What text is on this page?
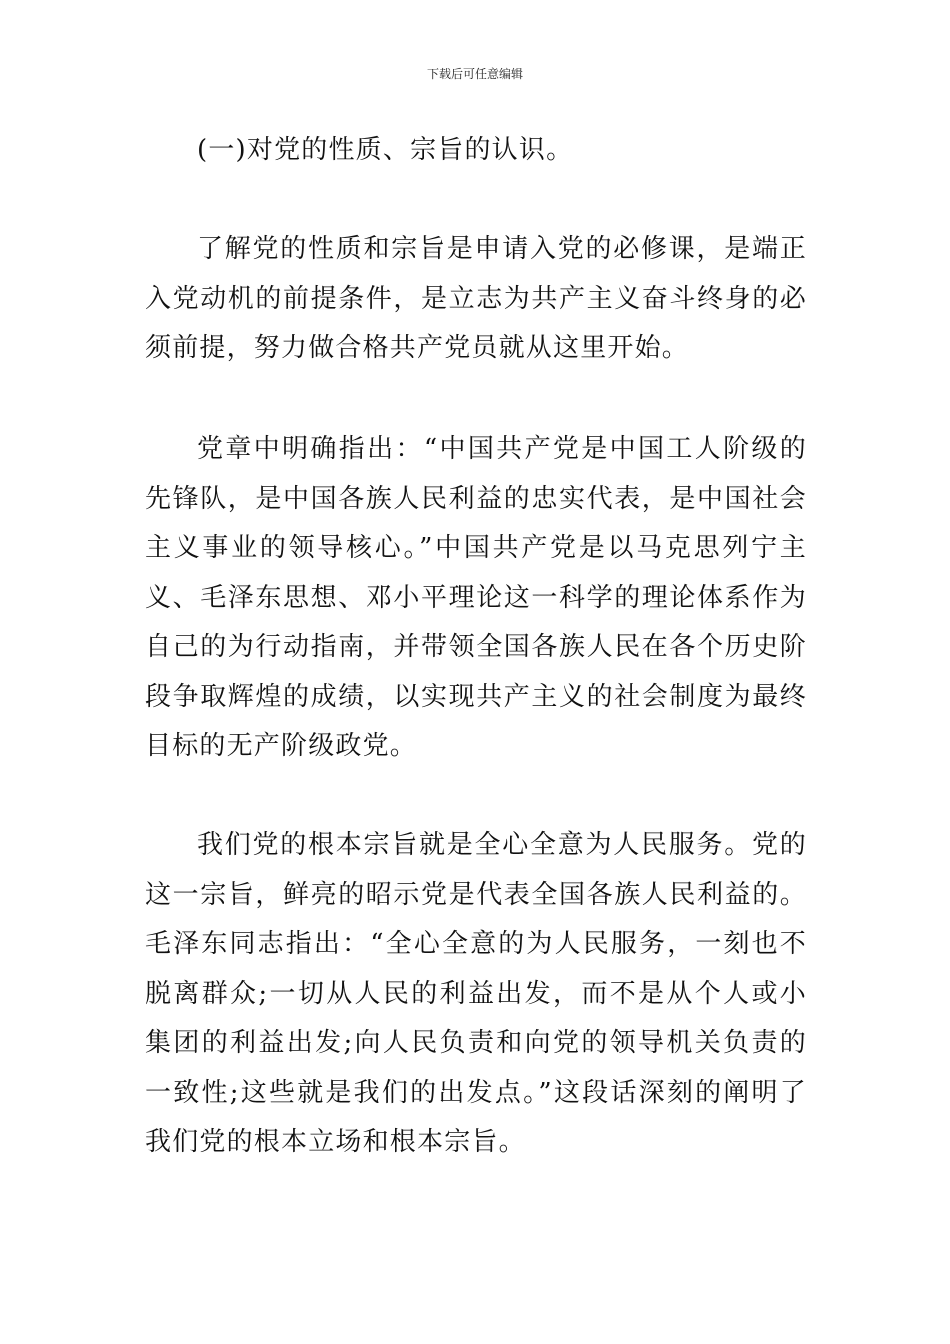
下载后可任意编辑

(一)对党的性质、宗旨的认识。

了解党的性质和宗旨是申请入党的必修课，是端正入党动机的前提条件，是立志为共产主义奋斗终身的必须前提，努力做合格共产党员就从这里开始。

党章中明确指出：“中国共产党是中国工人阶级的先锋队，是中国各族人民利益的忠实代表，是中国社会主义事业的领导核心。”中国共产党是以马克思列宁主义、毛泽东思想、邓小平理论这一科学的理论体系作为自己的为行动指南，并带领全国各族人民在各个历史阶段争取辉煌的成绩，以实现共产主义的社会制度为最终目标的无产阶级政党。

我们党的根本宗旨就是全心全意为人民服务。党的这一宗旨，鲜亮的昭示党是代表全国各族人民利益的。毛泽东同志指出：“全心全意的为人民服务，一刻也不脱离群众;一切从人民的利益出发，而不是从个人或小集团的利益出发;向人民负责和向党的领导机关负责的一致性;这些就是我们的出发点。”这段话深刻的阐明了我们党的根本立场和根本宗旨。
